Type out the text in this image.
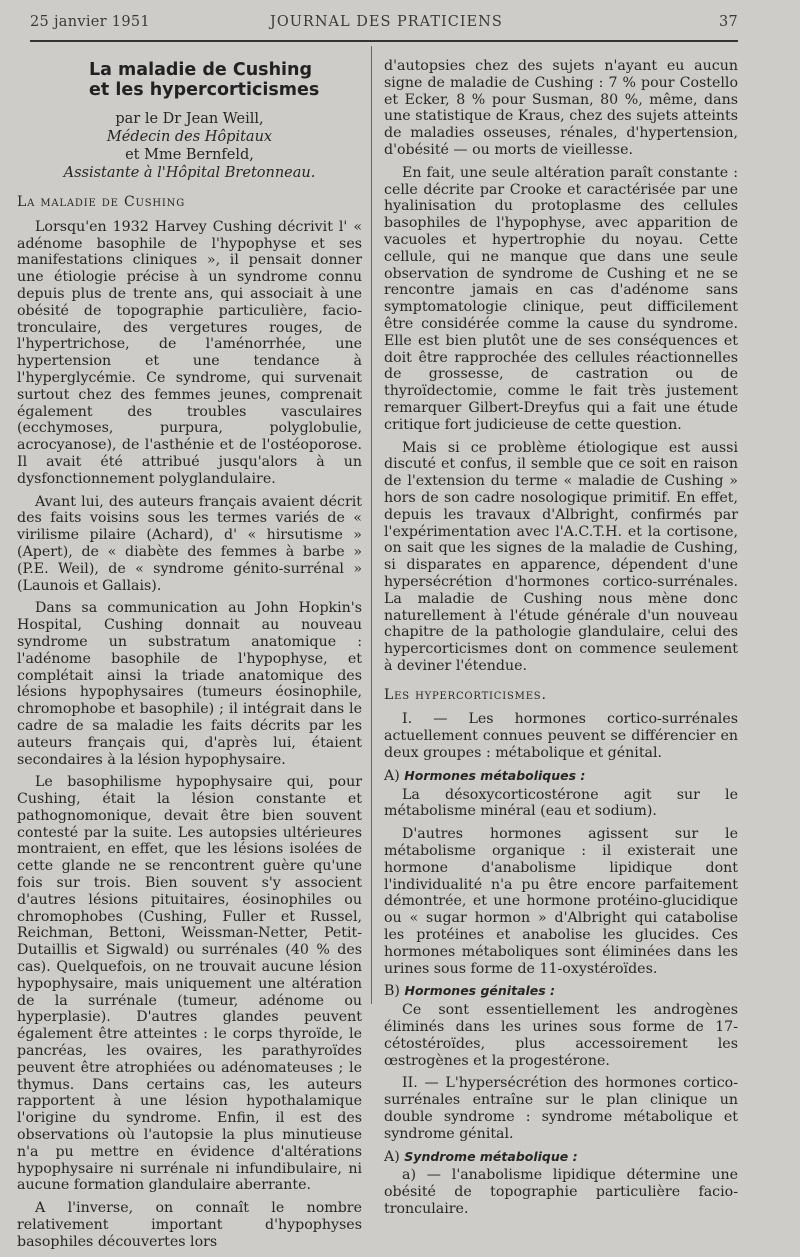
25 janvier 1951	JOURNAL DES PRATICIENS	37
La maladie de Cushing
et les hypercorticismes
par le Dr Jean Weill,
Médecin des Hôpitaux
et Mme Bernfeld,
Assistante à l'Hôpital Bretonneau.
La maladie de Cushing

Lorsqu'en 1932 Harvey Cushing décrivit l' « adénome basophile de l'hypophyse et ses manifestations cliniques », il pensait donner une étiologie précise à un syndrome connu depuis plus de trente ans, qui associait à une obésité de topographie particulière, facio-tronculaire, des vergetures rouges, de l'hypertrichose, de l'aménorrhée, une hypertension et une tendance à l'hyperglycémie. Ce syndrome, qui survenait surtout chez des femmes jeunes, comprenait également des troubles vasculaires (ecchymoses, purpura, polyglobulie, acrocyanose), de l'asthénie et de l'ostéoporose. Il avait été attribué jusqu'alors à un dysfonctionnement polyglandulaire.

Avant lui, des auteurs français avaient décrit des faits voisins sous les termes variés de « virilisme pilaire (Achard), d' « hirsutisme » (Apert), de « diabète des femmes à barbe » (P.E. Weil), de « syndrome génito-surrénal » (Launois et Gallais).

Dans sa communication au John Hopkin's Hospital, Cushing donnait au nouveau syndrome un substratum anatomique : l'adénome basophile de l'hypophyse, et complétait ainsi la triade anatomique des lésions hypophysaires (tumeurs éosinophile, chromophobe et basophile) ; il intégrait dans le cadre de sa maladie les faits décrits par les auteurs français qui, d'après lui, étaient secondaires à la lésion hypophysaire.

Le basophilisme hypophysaire qui, pour Cushing, était la lésion constante et pathognomonique, devait être bien souvent contesté par la suite. Les autopsies ultérieures montraient, en effet, que les lésions isolées de cette glande ne se rencontrent guère qu'une fois sur trois. Bien souvent s'y associent d'autres lésions pituitaires, éosinophiles ou chromophobes (Cushing, Fuller et Russel, Reichman, Bettoni, Weissman-Netter, Petit-Dutaillis et Sigwald) ou surrénales (40 % des cas). Quelquefois, on ne trouvait aucune lésion hypophysaire, mais uniquement une altération de la surrénale (tumeur, adénome ou hyperplasie). D'autres glandes peuvent également être atteintes : le corps thyroïde, le pancréas, les ovaires, les parathyroïdes peuvent être atrophiées ou adénomateuses ; le thymus. Dans certains cas, les auteurs rapportent à une lésion hypothalamique l'origine du syndrome. Enfin, il est des observations où l'autopsie la plus minutieuse n'a pu mettre en évidence d'altérations hypophysaire ni surrénale ni infundibulaire, ni aucune formation glandulaire aberrante.

A l'inverse, on connaît le nombre relativement important d'hypophyses basophiles découvertes lors

d'autopsies chez des sujets n'ayant eu aucun signe de maladie de Cushing : 7 % pour Costello et Ecker, 8 % pour Susman, 80 %, même, dans une statistique de Kraus, chez des sujets atteints de maladies osseuses, rénales, d'hypertension, d'obésité — ou morts de vieillesse.

En fait, une seule altération paraît constante : celle décrite par Crooke et caractérisée par une hyalinisation du protoplasme des cellules basophiles de l'hypophyse, avec apparition de vacuoles et hypertrophie du noyau. Cette cellule, qui ne manque que dans une seule observation de syndrome de Cushing et ne se rencontre jamais en cas d'adénome sans symptomatologie clinique, peut difficilement être considérée comme la cause du syndrome. Elle est bien plutôt une de ses conséquences et doit être rapprochée des cellules réactionnelles de grossesse, de castration ou de thyroïdectomie, comme le fait très justement remarquer Gilbert-Dreyfus qui a fait une étude critique fort judicieuse de cette question.

Mais si ce problème étiologique est aussi discuté et confus, il semble que ce soit en raison de l'extension du terme « maladie de Cushing » hors de son cadre nosologique primitif. En effet, depuis les travaux d'Albright, confirmés par l'expérimentation avec l'A.C.T.H. et la cortisone, on sait que les signes de la maladie de Cushing, si disparates en apparence, dépendent d'une hypersécrétion d'hormones cortico-surrénales. La maladie de Cushing nous mène donc naturellement à l'étude générale d'un nouveau chapitre de la pathologie glandulaire, celui des hypercorticismes dont on commence seulement à deviner l'étendue.

Les hypercorticismes.

I. — Les hormones cortico-surrénales actuellement connues peuvent se différencier en deux groupes : métabolique et génital.

A) Hormones métaboliques :

La désoxycorticostérone agit sur le métabolisme minéral (eau et sodium).

D'autres hormones agissent sur le métabolisme organique : il existerait une hormone d'anabolisme lipidique dont l'individualité n'a pu être encore parfaitement démontrée, et une hormone protéino-glucidique ou « sugar hormon » d'Albright qui catabolise les protéines et anabolise les glucides. Ces hormones métaboliques sont éliminées dans les urines sous forme de 11-oxystéroïdes.

B) Hormones génitales :

Ce sont essentiellement les androgènes éliminés dans les urines sous forme de 17-cétostéroïdes, plus accessoirement les œstrogènes et la progestérone.

II. — L'hypersécrétion des hormones cortico-surrénales entraîne sur le plan clinique un double syndrome : syndrome métabolique et syndrome génital.

A) Syndrome métabolique :

a) — l'anabolisme lipidique détermine une obésité de topographie particulière facio-tronculaire.
